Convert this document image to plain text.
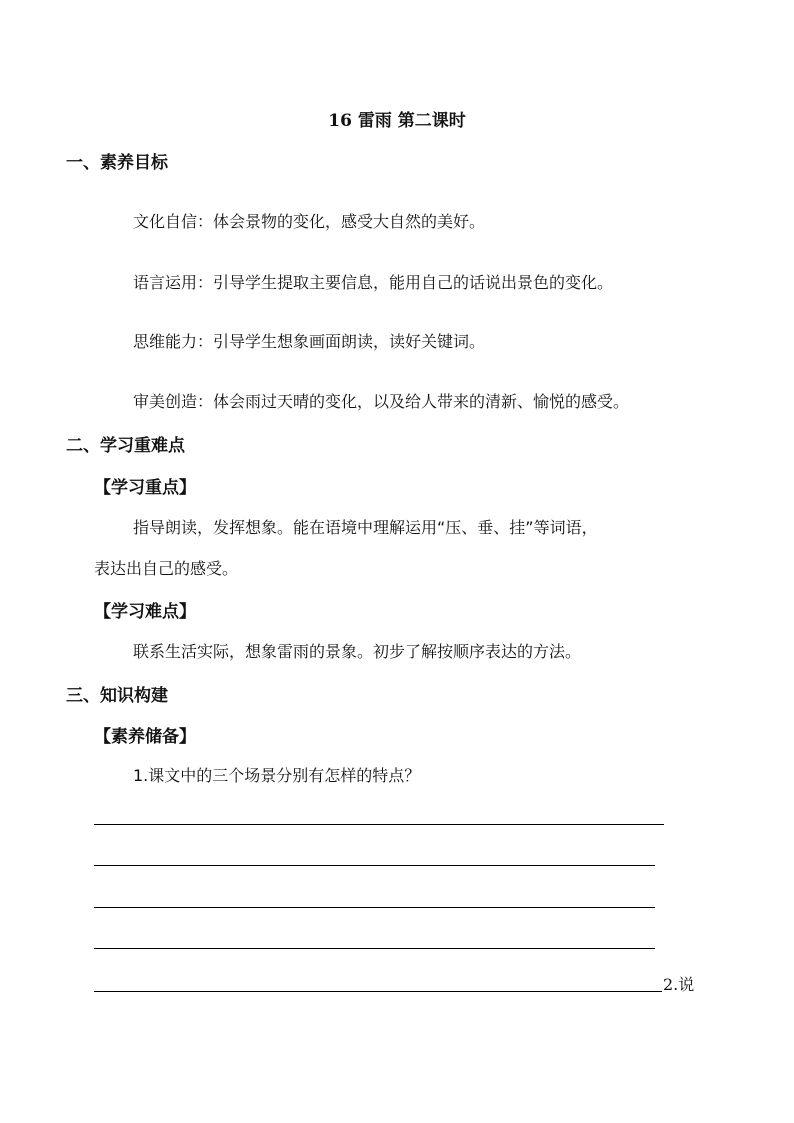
16 雷雨 第二课时
一、素养目标
文化自信：体会景物的变化，感受大自然的美好。
语言运用：引导学生提取主要信息，能用自己的话说出景色的变化。
思维能力：引导学生想象画面朗读，读好关键词。
审美创造：体会雨过天晴的变化，以及给人带来的清新、愉悦的感受。
二、学习重难点
【学习重点】
指导朗读，发挥想象。能在语境中理解运用“压、垂、挂”等词语，
表达出自己的感受。
【学习难点】
联系生活实际，想象雷雨的景象。初步了解按顺序表达的方法。
三、知识构建
【素养储备】
1.课文中的三个场景分别有怎样的特点？
2.说
